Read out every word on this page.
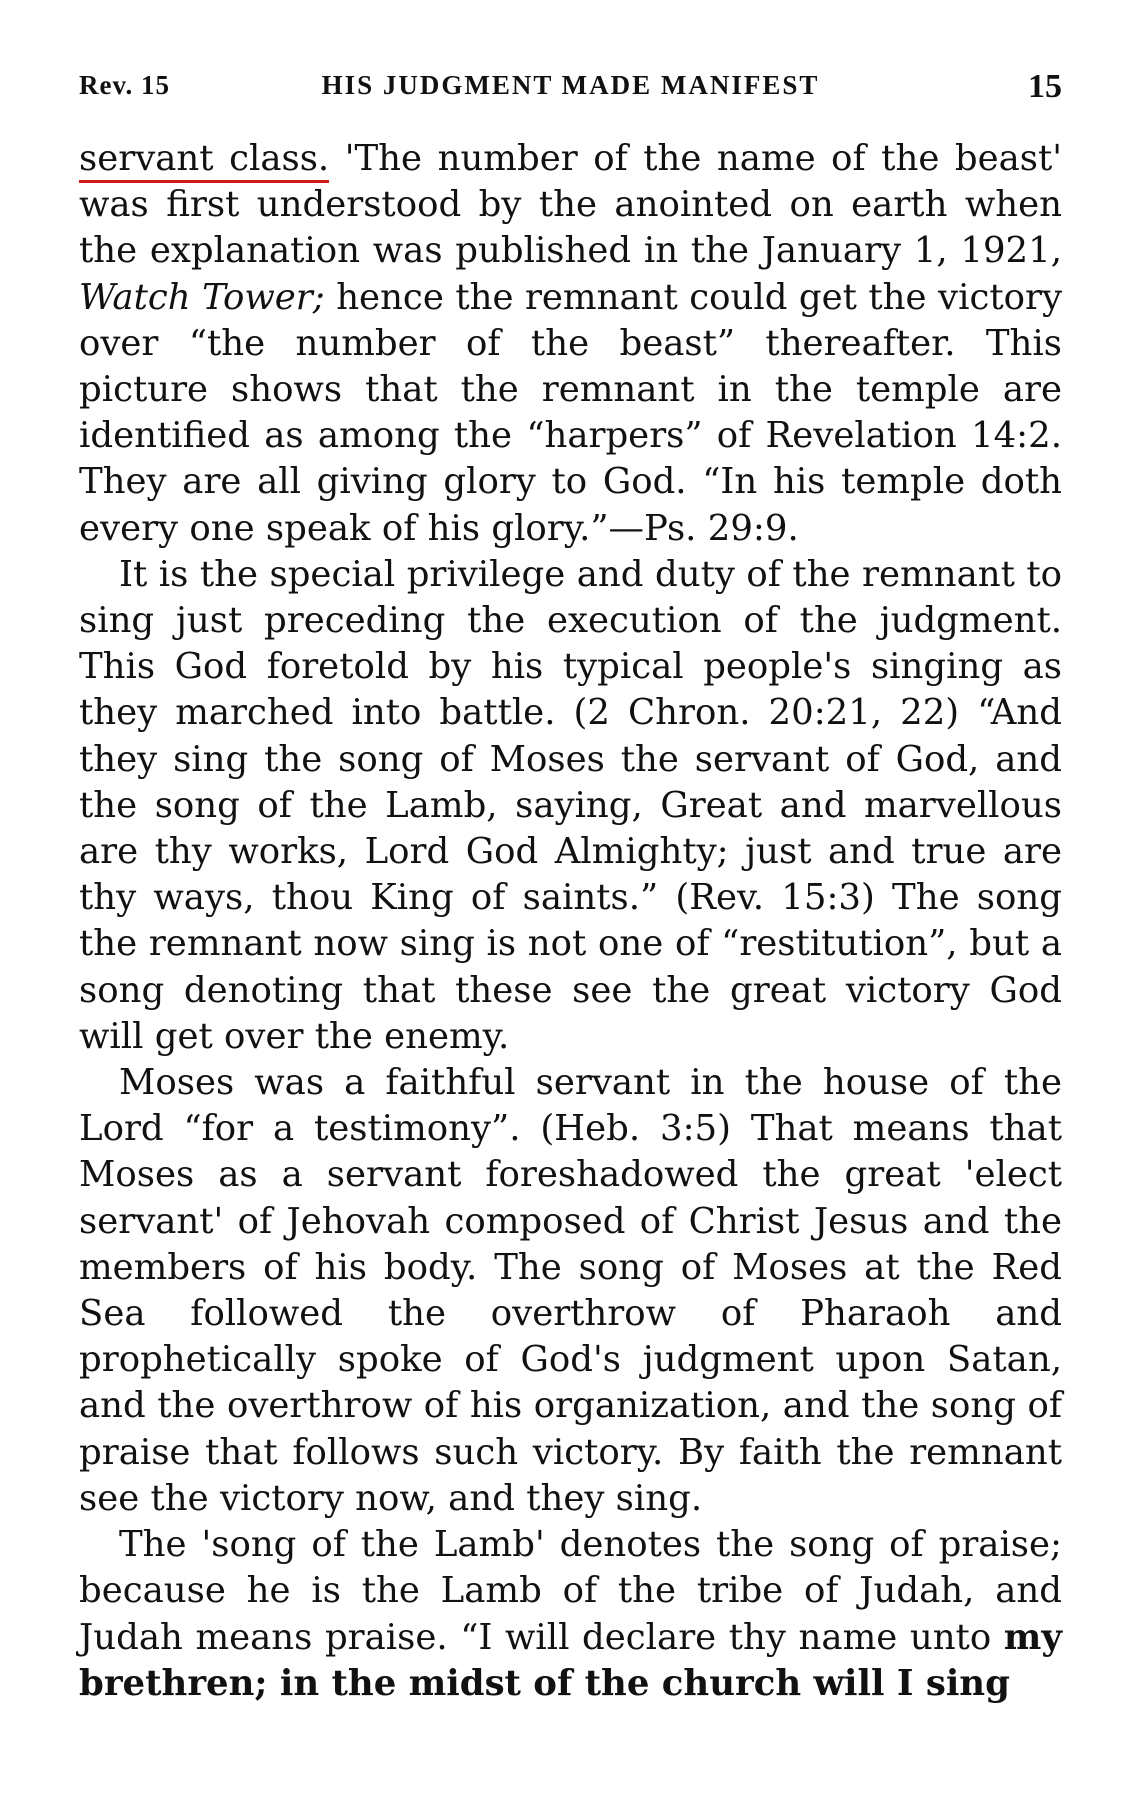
Rev. 15	HIS JUDGMENT MADE MANIFEST	15

servant class. 'The number of the name of the beast' was first understood by the anointed on earth when the explanation was published in the January 1, 1921, Watch Tower; hence the remnant could get the victory over “the number of the beast” thereafter. This picture shows that the remnant in the temple are identified as among the “harpers” of Revelation 14:2. They are all giving glory to God. “In his temple doth every one speak of his glory.”—Ps. 29:9.

It is the special privilege and duty of the remnant to sing just preceding the execution of the judgment. This God foretold by his typical people's singing as they marched into battle. (2 Chron. 20:21, 22) “And they sing the song of Moses the servant of God, and the song of the Lamb, saying, Great and marvellous are thy works, Lord God Almighty; just and true are thy ways, thou King of saints.” (Rev. 15:3) The song the remnant now sing is not one of “restitution”, but a song denoting that these see the great victory God will get over the enemy.

Moses was a faithful servant in the house of the Lord “for a testimony”. (Heb. 3:5) That means that Moses as a servant foreshadowed the great 'elect servant' of Jehovah composed of Christ Jesus and the members of his body. The song of Moses at the Red Sea followed the overthrow of Pharaoh and prophetically spoke of God's judgment upon Satan, and the overthrow of his organization, and the song of praise that follows such victory. By faith the remnant see the victory now, and they sing.

The 'song of the Lamb' denotes the song of praise; because he is the Lamb of the tribe of Judah, and Judah means praise. “I will declare thy name unto my brethren; in the midst of the church will I sing
